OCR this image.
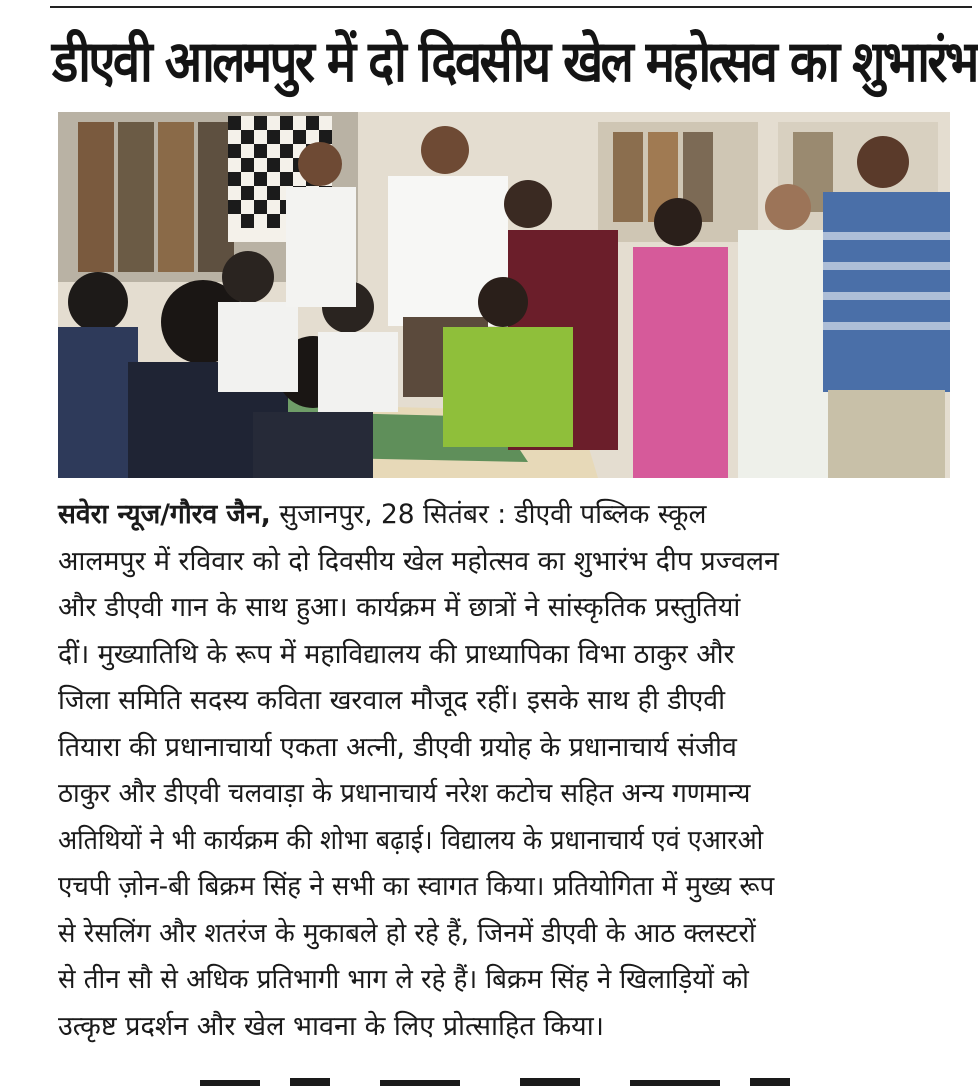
डीएवी आलमपुर में दो दिवसीय खेल महोत्सव का शुभारंभ
सवेरा न्यूज/गौरव जैन, सुजानपुर, 28 सितंबर : डीएवी पब्लिक स्कूल
आलमपुर में रविवार को दो दिवसीय खेल महोत्सव का शुभारंभ दीप प्रज्वलन
और डीएवी गान के साथ हुआ। कार्यक्रम में छात्रों ने सांस्कृतिक प्रस्तुतियां
दीं। मुख्यातिथि के रूप में महाविद्यालय की प्राध्यापिका विभा ठाकुर और
जिला समिति सदस्य कविता खरवाल मौजूद रहीं। इसके साथ ही डीएवी
तियारा की प्रधानाचार्या एकता अत्नी, डीएवी ग्रयोह के प्रधानाचार्य संजीव
ठाकुर और डीएवी चलवाड़ा के प्रधानाचार्य नरेश कटोच सहित अन्य गणमान्य
अतिथियों ने भी कार्यक्रम की शोभा बढ़ाई। विद्यालय के प्रधानाचार्य एवं एआरओ
एचपी ज़ोन-बी बिक्रम सिंह ने सभी का स्वागत किया। प्रतियोगिता में मुख्य रूप
से रेसलिंग और शतरंज के मुकाबले हो रहे हैं, जिनमें डीएवी के आठ क्लस्टरों
से तीन सौ से अधिक प्रतिभागी भाग ले रहे हैं। बिक्रम सिंह ने खिलाड़ियों को
उत्कृष्ट प्रदर्शन और खेल भावना के लिए प्रोत्साहित किया।
